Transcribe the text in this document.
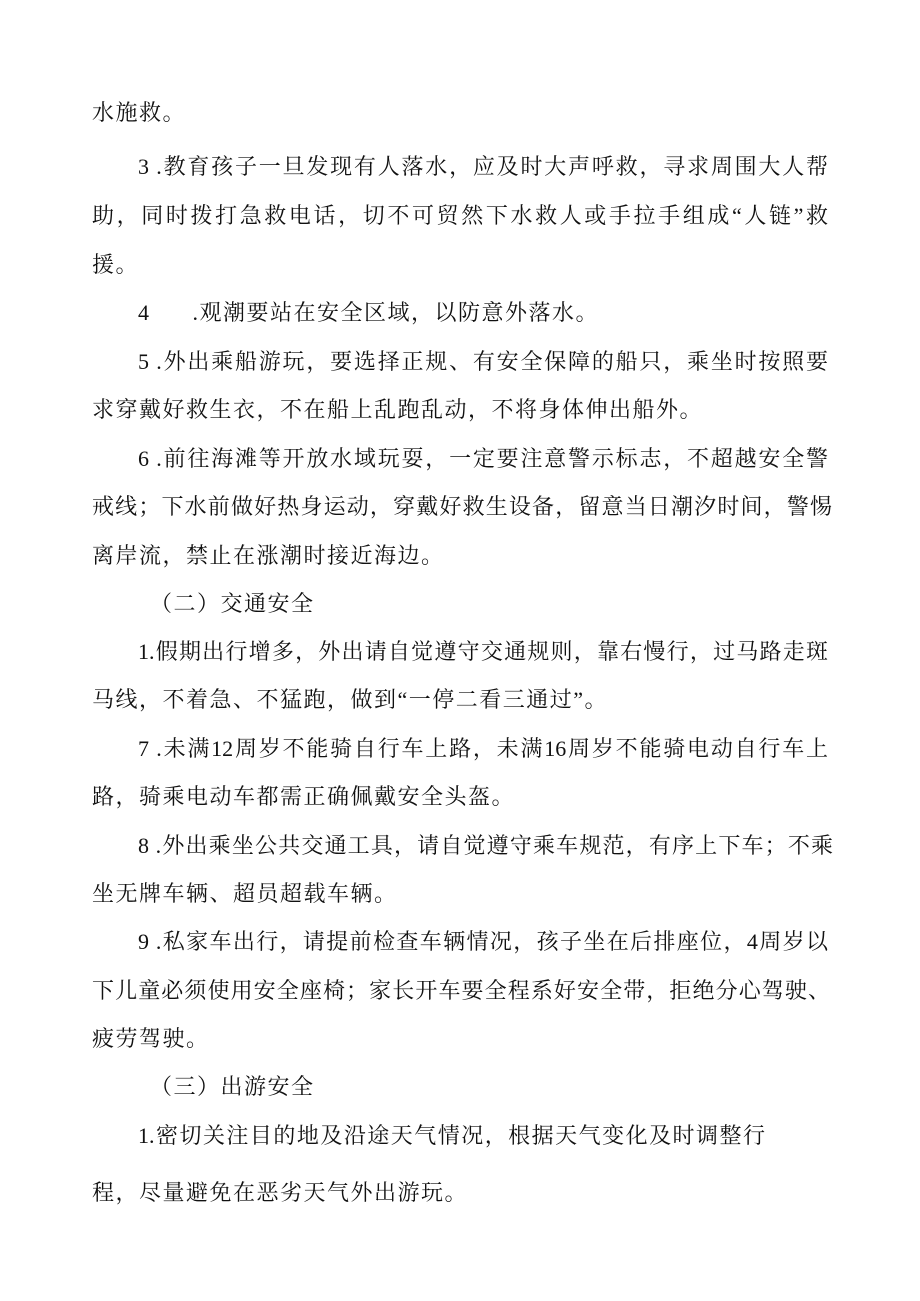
水施救。
3 .教育孩子一旦发现有人落水，应及时大声呼救，寻求周围大人帮
助，同时拨打急救电话，切不可贸然下水救人或手拉手组成“人链”救
援。
4      .观潮要站在安全区域，以防意外落水。
5 .外出乘船游玩，要选择正规、有安全保障的船只，乘坐时按照要
求穿戴好救生衣，不在船上乱跑乱动，不将身体伸出船外。
6 .前往海滩等开放水域玩耍，一定要注意警示标志，不超越安全警
戒线；下水前做好热身运动，穿戴好救生设备，留意当日潮汐时间，警惕
离岸流，禁止在涨潮时接近海边。
（二）交通安全
1.假期出行增多，外出请自觉遵守交通规则，靠右慢行，过马路走斑
马线，不着急、不猛跑，做到“一停二看三通过”。
7 .未满12周岁不能骑自行车上路，未满16周岁不能骑电动自行车上
路，骑乘电动车都需正确佩戴安全头盔。
8 .外出乘坐公共交通工具，请自觉遵守乘车规范，有序上下车；不乘
坐无牌车辆、超员超载车辆。
9 .私家车出行，请提前检查车辆情况，孩子坐在后排座位，4周岁以
下儿童必须使用安全座椅；家长开车要全程系好安全带，拒绝分心驾驶、
疲劳驾驶。
（三）出游安全
1.密切关注目的地及沿途天气情况，根据天气变化及时调整行
程，尽量避免在恶劣天气外出游玩。
